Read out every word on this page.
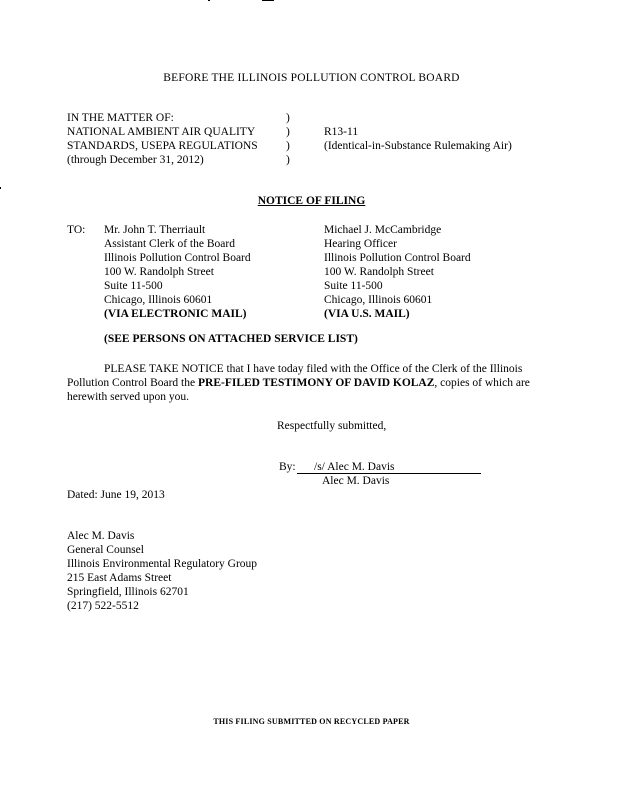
BEFORE THE ILLINOIS POLLUTION CONTROL BOARD
IN THE MATTER OF:	)
NATIONAL AMBIENT AIR QUALITY	)	R13-11
STANDARDS, USEPA REGULATIONS )	(Identical-in-Substance Rulemaking Air)
(through December 31, 2012)	)
NOTICE OF FILING
TO: Mr. John T. Therriault
Assistant Clerk of the Board
Illinois Pollution Control Board
100 W. Randolph Street
Suite 11-500
Chicago, Illinois 60601
(VIA ELECTRONIC MAIL)
Michael J. McCambridge
Hearing Officer
Illinois Pollution Control Board
100 W. Randolph Street
Suite 11-500
Chicago, Illinois 60601
(VIA U.S. MAIL)
(SEE PERSONS ON ATTACHED SERVICE LIST)

PLEASE TAKE NOTICE that I have today filed with the Office of the Clerk of the Illinois Pollution Control Board the PRE-FILED TESTIMONY OF DAVID KOLAZ, copies of which are herewith served upon you.

Respectfully submitted,
By: /s/ Alec M. Davis
Alec M. Davis
Dated: June 19, 2013
Alec M. Davis
General Counsel
Illinois Environmental Regulatory Group
215 East Adams Street
Springfield, Illinois 62701
(217) 522-5512
THIS FILING SUBMITTED ON RECYCLED PAPER
